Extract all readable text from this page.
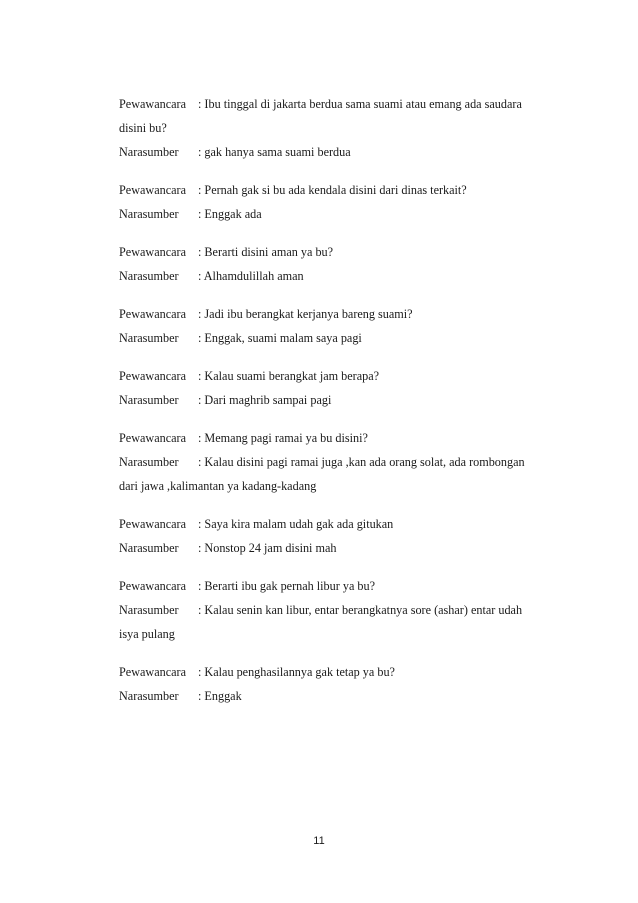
Pewawancara : Ibu tinggal di jakarta berdua sama suami atau emang ada saudara
disini bu?
Narasumber	: gak hanya sama suami berdua
Pewawancara : Pernah gak si bu ada kendala disini dari dinas terkait?
Narasumber	: Enggak ada
Pewawancara : Berarti disini aman ya bu?
Narasumber	: Alhamdulillah aman
Pewawancara : Jadi ibu berangkat kerjanya bareng suami?
Narasumber	: Enggak, suami malam saya pagi
Pewawancara : Kalau suami berangkat jam berapa?
Narasumber	: Dari maghrib sampai pagi
Pewawancara : Memang pagi ramai ya bu disini?
Narasumber	: Kalau disini pagi ramai juga ,kan ada orang solat, ada rombongan
dari jawa ,kalimantan ya kadang-kadang
Pewawancara : Saya kira malam udah gak ada gitukan
Narasumber	: Nonstop 24 jam disini mah
Pewawancara : Berarti ibu gak pernah libur ya bu?
Narasumber	: Kalau senin kan libur, entar berangkatnya sore (ashar) entar udah
isya pulang
Pewawancara : Kalau penghasilannya gak tetap ya bu?
Narasumber	: Enggak
11
